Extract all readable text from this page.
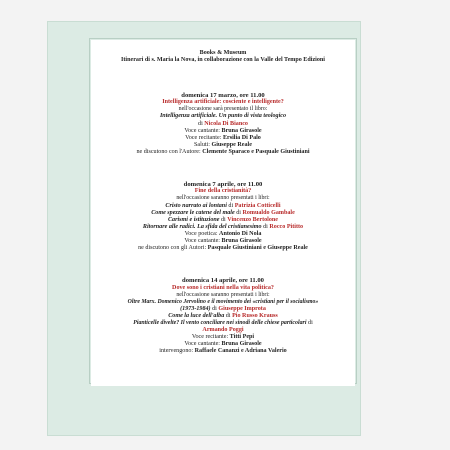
Books & Museum
Itinerari di s. Maria la Nova, in collaborazione con la Valle del Tempo Edizioni
domenica 17 marzo, ore 11.00
Intelligenza artificiale: cosciente e intelligente?
nell'occasione sarà presentato il libro:
Intelligenza artificiale. Un punto di vista teologico
di Nicola Di Bianco
Voce cantante: Bruna Girasole
Voce recitante: Ersilia Di Palo
Saluti: Giuseppe Reale
ne discutono con l'Autore: Clemente Sparaco e Pasquale Giustiniani
domenica 7 aprile, ore 11.00
Fine della cristianità?
nell'occasione saranno presentati i libri:
Cristo narrato ai lontani di Patrizia Cotticelli
Come spezzare le catene del male di Romualdo Gambale
Carismi e istituzione di Vincenzo Bertolone
Ritornare alle radici. La sfida del cristianesimo di Rocco Pititto
Voce poetica: Antonio Di Nola
Voce cantante: Bruna Girasole
ne discutono con gli Autori: Pasquale Giustiniani e Giuseppe Reale
domenica 14 aprile, ore 11.00
Dove sono i cristiani nella vita politica?
nell'occasione saranno presentati i libri:
Oltre Marx. Domenico Jervolino e il movimento dei «cristiani per il socialismo»
(1973-1984) di Giuseppe Improta
Come la luce dell'alba di Pio Russo Krauss
Pianticelle divelte? Il vento conciliare nei sinodi delle chiese particolari di
Armando Poggi
Voce recitante: Titti Pepi
Voce cantante: Bruna Girasole
intervengono: Raffaele Cananzi e Adriana Valerio
